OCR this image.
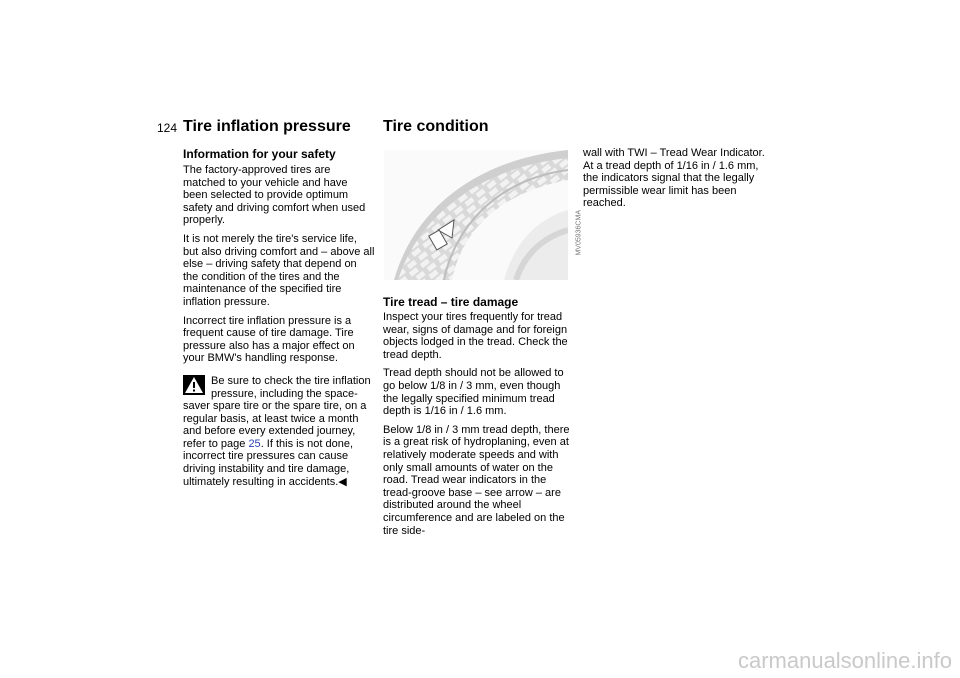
124 Tire inflation pressure
Information for your safety

The factory-approved tires are matched to your vehicle and have been selected to provide optimum safety and driving comfort when used properly.

It is not merely the tire's service life, but also driving comfort and – above all else – driving safety that depend on the condition of the tires and the maintenance of the specified tire inflation pressure.

Incorrect tire inflation pressure is a frequent cause of tire damage. Tire pressure also has a major effect on your BMW's handling response.

Be sure to check the tire inflation pressure, including the space-saver spare tire or the spare tire, on a regular basis, at least twice a month and before every extended journey, refer to page 25. If this is not done, incorrect tire pressures can cause driving instability and tire damage, ultimately resulting in accidents.◀
Tire condition
MV05936CMA
Tire tread – tire damage

Inspect your tires frequently for tread wear, signs of damage and for foreign objects lodged in the tread. Check the tread depth.

Tread depth should not be allowed to go below 1/8 in / 3 mm, even though the legally specified minimum tread depth is 1/16 in / 1.6 mm.

Below 1/8 in / 3 mm tread depth, there is a great risk of hydroplaning, even at relatively moderate speeds and with only small amounts of water on the road. Tread wear indicators in the tread-groove base – see arrow – are distributed around the wheel circumference and are labeled on the tire side-

wall with TWI – Tread Wear Indicator. At a tread depth of 1/16 in / 1.6 mm, the indicators signal that the legally permissible wear limit has been reached.

carmanualsonline.info
